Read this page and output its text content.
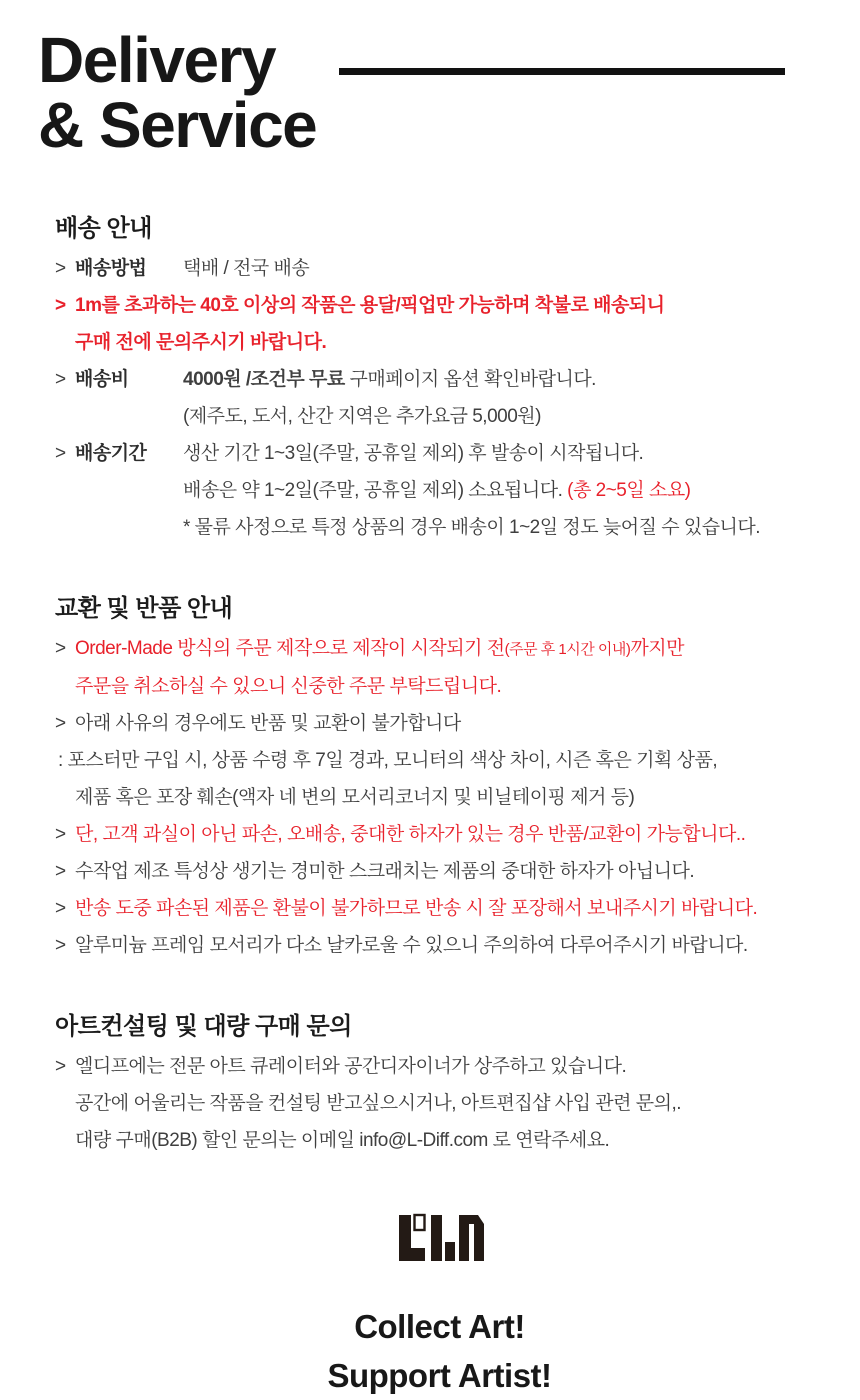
Delivery
& Service
배송 안내

> 배송방법	택배 / 전국 배송

> 1m를 초과하는 40호 이상의 작품은 용달/픽업만 가능하며 착불로 배송되니

구매 전에 문의주시기 바랍니다.

> 배송비	4000원 /조건부 무료 구매페이지 옵션 확인바랍니다.

(제주도, 도서, 산간 지역은 추가요금 5,000원)

> 배송기간	생산 기간 1~3일(주말, 공휴일 제외) 후 발송이 시작됩니다.

배송은 약 1~2일(주말, 공휴일 제외) 소요됩니다. (총 2~5일 소요)

* 물류 사정으로 특정 상품의 경우 배송이 1~2일 정도 늦어질 수 있습니다.

교환 및 반품 안내

> Order-Made 방식의 주문 제작으로 제작이 시작되기 전(주문 후 1시간 이내)까지만

주문을 취소하실 수 있으니 신중한 주문 부탁드립니다.

> 아래 사유의 경우에도 반품 및 교환이 불가합니다

: 포스터만 구입 시, 상품 수령 후 7일 경과, 모니터의 색상 차이, 시즌 혹은 기획 상품,

제품 혹은 포장 훼손(액자 네 변의 모서리코너지 및 비닐테이핑 제거 등)

> 단, 고객 과실이 아닌 파손, 오배송, 중대한 하자가 있는 경우 반품/교환이 가능합니다..

> 수작업 제조 특성상 생기는 경미한 스크래치는 제품의 중대한 하자가 아닙니다.

> 반송 도중 파손된 제품은 환불이 불가하므로 반송 시 잘 포장해서 보내주시기 바랍니다.

> 알루미늄 프레임 모서리가 다소 날카로울 수 있으니 주의하여 다루어주시기 바랍니다.

아트컨설팅 및 대량 구매 문의

> 엘디프에는 전문 아트 큐레이터와 공간디자이너가 상주하고 있습니다.

공간에 어울리는 작품을 컨설팅 받고싶으시거나, 아트편집샵 사입 관련 문의,.

대량 구매(B2B) 할인 문의는 이메일 info@L-Diff.com 로 연락주세요.

Collect Art!
Support Artist!
